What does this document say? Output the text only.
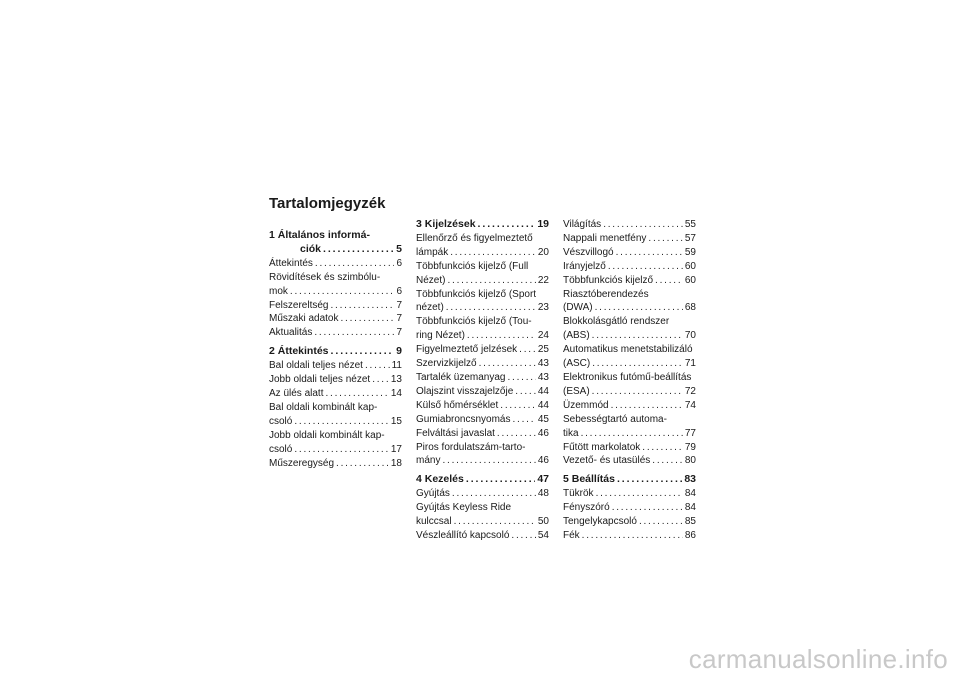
Tartalomjegyzék
1 Általános informá-
ciók . . .	5
Áttekintés . . .	6
Rövidítések és szimbólu-
mok . . .	6
Felszereltség . . .	7
Műszaki adatok . . .	7
Aktualitás . . .	7
2 Áttekintés . . .	9
Bal oldali teljes nézet . . .	11
Jobb oldali teljes nézet . . . 13
Az ülés alatt . . .	14
Bal oldali kombinált kap-
csoló . . .	15
Jobb oldali kombinált kap-
csoló . . .	17
Műszeregység . . .	18
3 Kijelzések . . .	19
Ellenőrző és figyelmeztető
lámpák . . .	20
Többfunkciós kijelző (Full
Nézet) . . .	22
Többfunkciós kijelző (Sport
nézet) . . .	23
Többfunkciós kijelző (Tou-
ring Nézet) . . .	24
Figyelmeztető jelzések . . . 25
Szervizkijelző . . .	43
Tartalék üzemanyag . . .	43
Olajszint visszajelzője . . . 44
Külső hőmérséklet . . .	44
Gumiabroncsnyomás . . .	45
Felváltási javaslat . . .	46
Piros fordulatszám-tarto-
mány . . .	46
4 Kezelés . . .	47
Gyújtás . . .	48
Gyújtás Keyless Ride
kulccsal . . .	50
Vészleállító kapcsoló . . .	54
Világítás . . .	55
Nappali menetfény . . .	57
Vészvillogó . . .	59
Irányjelző . . .	60
Többfunkciós kijelző . . .	60
Riasztóberendezés
(DWA) . . .	68
Blokkolásgátló rendszer
(ABS) . . .	70
Automatikus menetstabilizáló
(ASC) . . .	71
Elektronikus futómű-beállítás
(ESA) . . .	72
Üzemmód . . .	74
Sebességtartó automa-
tika . . .	77
Fűtött markolatok . . .	79
Vezető- és utasülés . . .	80
5 Beállítás . . .	83
Tükrök . . .	84
Fényszóró . . .	84
Tengelykapcsoló . . .	85
Fék . . .	86
carmanualsonline.info
